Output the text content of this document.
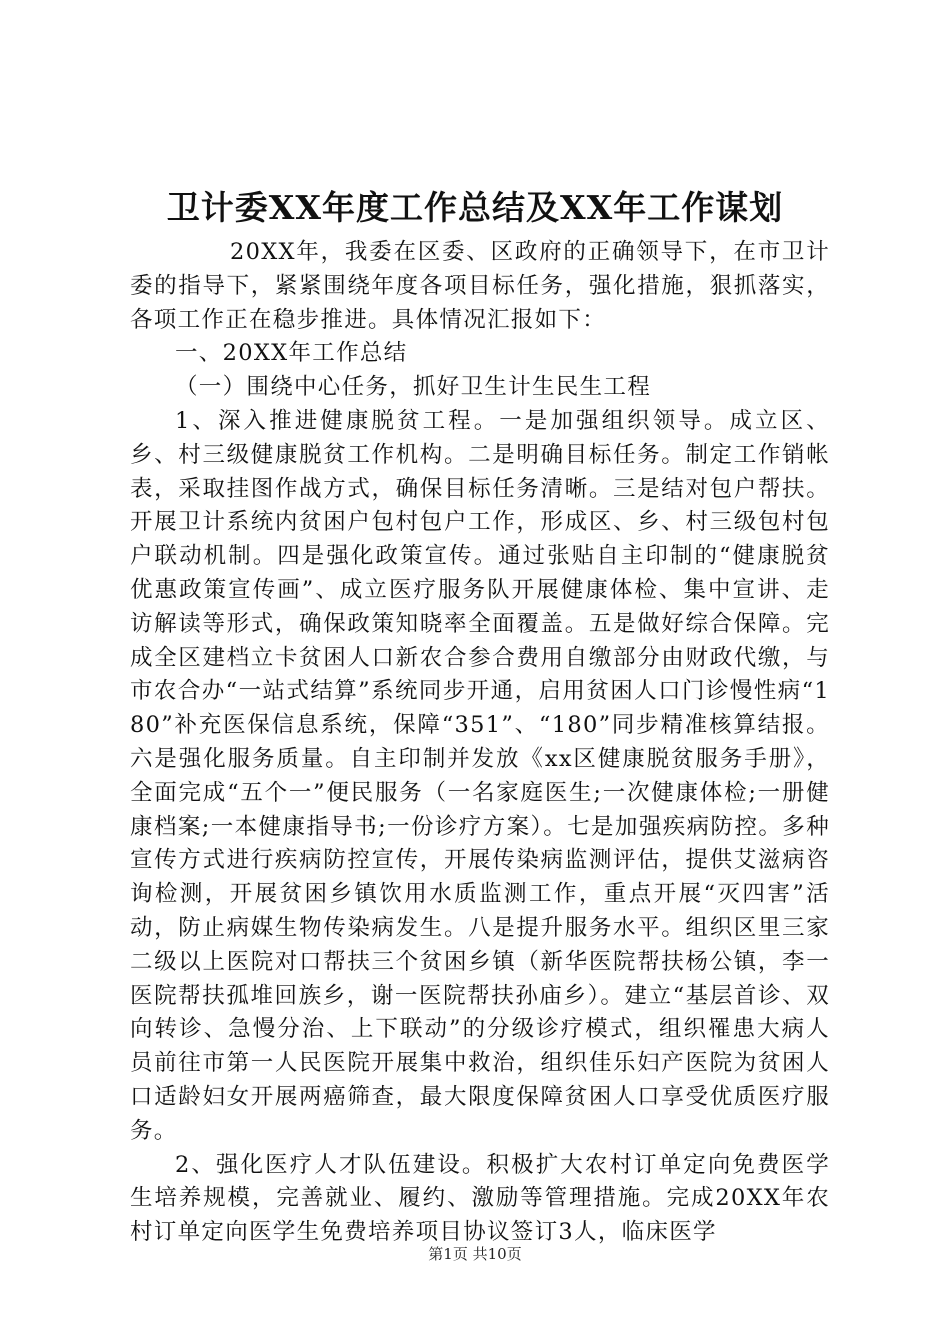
卫计委XX年度工作总结及XX年工作谋划

20XX年，我委在区委、区政府的正确领导下，在市卫计委的指导下，紧紧围绕年度各项目标任务，强化措施，狠抓落实，各项工作正在稳步推进。具体情况汇报如下：

一、20XX年工作总结

（一）围绕中心任务，抓好卫生计生民生工程

1、深入推进健康脱贫工程。一是加强组织领导。成立区、乡、村三级健康脱贫工作机构。二是明确目标任务。制定工作销帐表，采取挂图作战方式，确保目标任务清晰。三是结对包户帮扶。开展卫计系统内贫困户包村包户工作，形成区、乡、村三级包村包户联动机制。四是强化政策宣传。通过张贴自主印制的“健康脱贫优惠政策宣传画”、成立医疗服务队开展健康体检、集中宣讲、走访解读等形式，确保政策知晓率全面覆盖。五是做好综合保障。完成全区建档立卡贫困人口新农合参合费用自缴部分由财政代缴，与市农合办“一站式结算”系统同步开通，启用贫困人口门诊慢性病“180”补充医保信息系统，保障“351”、“180”同步精准核算结报。六是强化服务质量。自主印制并发放《xx区健康脱贫服务手册》，全面完成“五个一”便民服务（一名家庭医生;一次健康体检;一册健康档案;一本健康指导书;一份诊疗方案）。七是加强疾病防控。多种宣传方式进行疾病防控宣传，开展传染病监测评估，提供艾滋病咨询检测，开展贫困乡镇饮用水质监测工作，重点开展“灭四害”活动，防止病媒生物传染病发生。八是提升服务水平。组织区里三家二级以上医院对口帮扶三个贫困乡镇（新华医院帮扶杨公镇，李一医院帮扶孤堆回族乡，谢一医院帮扶孙庙乡）。建立“基层首诊、双向转诊、急慢分治、上下联动”的分级诊疗模式，组织罹患大病人员前往市第一人民医院开展集中救治，组织佳乐妇产医院为贫困人口适龄妇女开展两癌筛查，最大限度保障贫困人口享受优质医疗服务。

2、强化医疗人才队伍建设。积极扩大农村订单定向免费医学生培养规模，完善就业、履约、激励等管理措施。完成20XX年农村订单定向医学生免费培养项目协议签订3人，临床医学

第1页 共10页
